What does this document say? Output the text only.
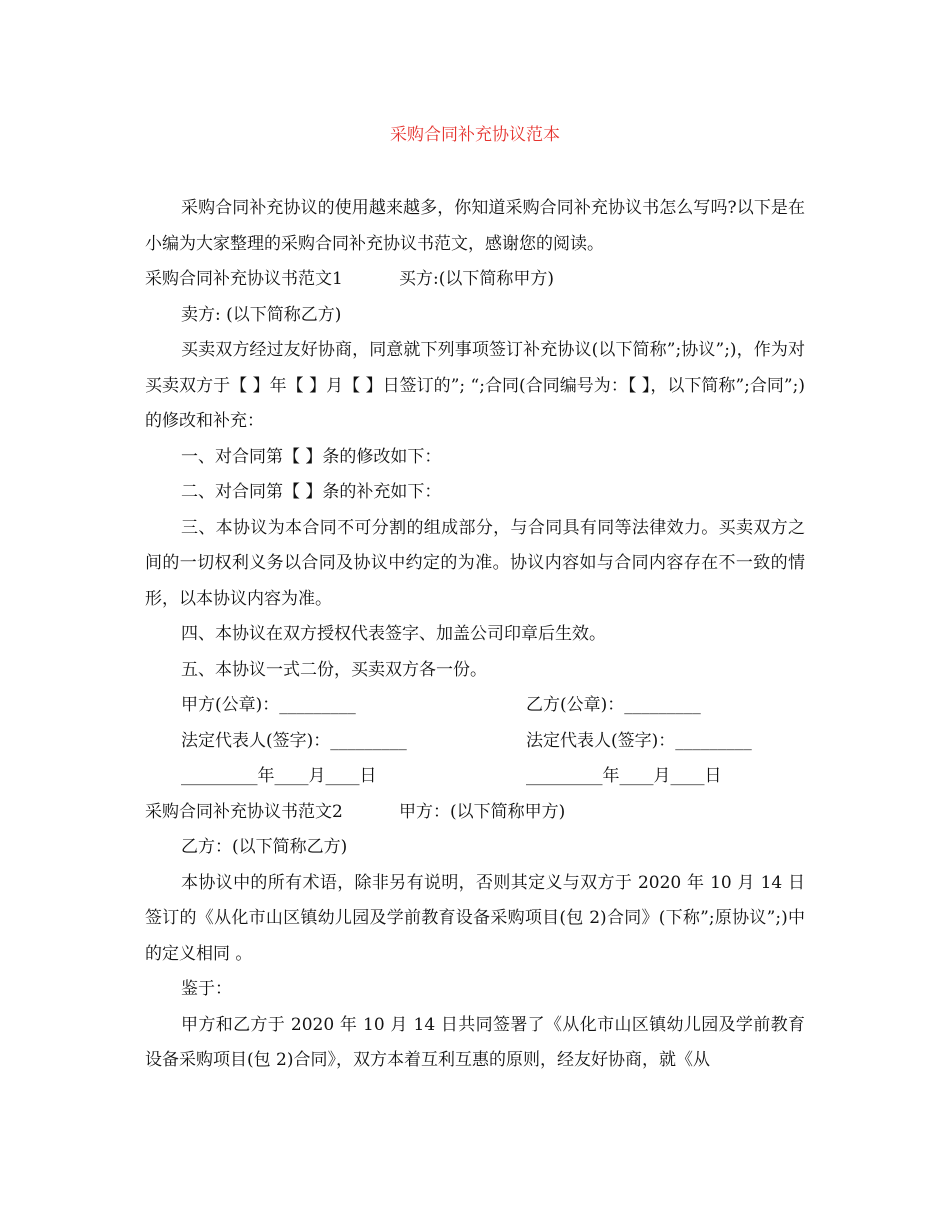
采购合同补充协议范本

采购合同补充协议的使用越来越多，你知道采购合同补充协议书怎么写吗?以下是在小编为大家整理的采购合同补充协议书范文，感谢您的阅读。

采购合同补充协议书范文1	买方:(以下简称甲方)

卖方: (以下简称乙方)

买卖双方经过友好协商，同意就下列事项签订补充协议(以下简称”;协议”;)，作为对买卖双方于【 】年【 】月【 】日签订的”; “;合同(合同编号为：【 】，以下简称”;合同”;)的修改和补充：

一、对合同第【 】条的修改如下：

二、对合同第【 】条的补充如下：

三、本协议为本合同不可分割的组成部分，与合同具有同等法律效力。买卖双方之间的一切权利义务以合同及协议中约定的为准。协议内容如与合同内容存在不一致的情形，以本协议内容为准。

四、本协议在双方授权代表签字、加盖公司印章后生效。

五、本协议一式二份，买卖双方各一份。

甲方(公章)：_________	乙方(公章)：_________
法定代表人(签字)：_________	法定代表人(签字)：_________
_________年____月____日	_________年____月____日
采购合同补充协议书范文2	甲方：(以下简称甲方)

乙方：(以下简称乙方)

本协议中的所有术语，除非另有说明，否则其定义与双方于 2020 年 10 月 14 日签订的《从化市山区镇幼儿园及学前教育设备采购项目(包 2)合同》(下称”;原协议”;)中的定义相同 。

鉴于：

甲方和乙方于 2020 年 10 月 14 日共同签署了《从化市山区镇幼儿园及学前教育设备采购项目(包 2)合同》，双方本着互利互惠的原则，经友好协商，就《从
